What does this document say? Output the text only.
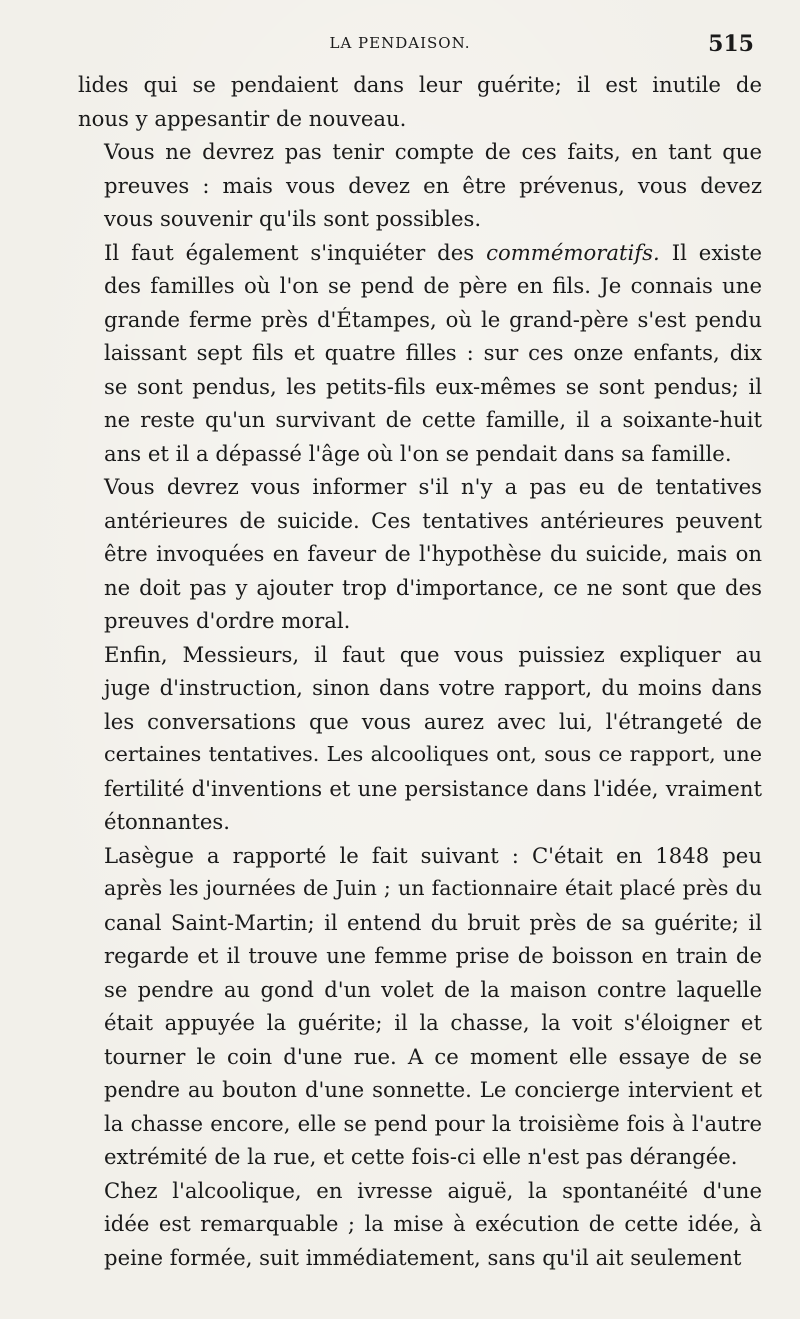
LA PENDAISON.	515

lides qui se pendaient dans leur guérite; il est inutile de
nous y appesantir de nouveau.

Vous ne devrez pas tenir compte de ces faits, en tant que
preuves : mais vous devez en être prévenus, vous devez
vous souvenir qu'ils sont possibles.

Il faut également s'inquiéter des commémoratifs. Il existe
des familles où l'on se pend de père en fils. Je connais une
grande ferme près d'Étampes, où le grand-père s'est pendu
laissant sept fils et quatre filles : sur ces onze enfants, dix
se sont pendus, les petits-fils eux-mêmes se sont pendus; il
ne reste qu'un survivant de cette famille, il a soixante-huit
ans et il a dépassé l'âge où l'on se pendait dans sa famille.

Vous devrez vous informer s'il n'y a pas eu de tentatives
antérieures de suicide. Ces tentatives antérieures peuvent
être invoquées en faveur de l'hypothèse du suicide, mais on
ne doit pas y ajouter trop d'importance, ce ne sont que des
preuves d'ordre moral.

Enfin, Messieurs, il faut que vous puissiez expliquer au
juge d'instruction, sinon dans votre rapport, du moins dans
les conversations que vous aurez avec lui, l'étrangeté de
certaines tentatives. Les alcooliques ont, sous ce rapport, une
fertilité d'inventions et une persistance dans l'idée, vraiment
étonnantes.

Lasègue a rapporté le fait suivant : C'était en 1848 peu
après les journées de Juin ; un factionnaire était placé près du
canal Saint-Martin; il entend du bruit près de sa guérite; il
regarde et il trouve une femme prise de boisson en train de
se pendre au gond d'un volet de la maison contre laquelle
était appuyée la guérite; il la chasse, la voit s'éloigner et
tourner le coin d'une rue. A ce moment elle essaye de se
pendre au bouton d'une sonnette. Le concierge intervient et
la chasse encore, elle se pend pour la troisième fois à l'autre
extrémité de la rue, et cette fois-ci elle n'est pas dérangée.

Chez l'alcoolique, en ivresse aiguë, la spontanéité d'une
idée est remarquable ; la mise à exécution de cette idée, à
peine formée, suit immédiatement, sans qu'il ait seulement
